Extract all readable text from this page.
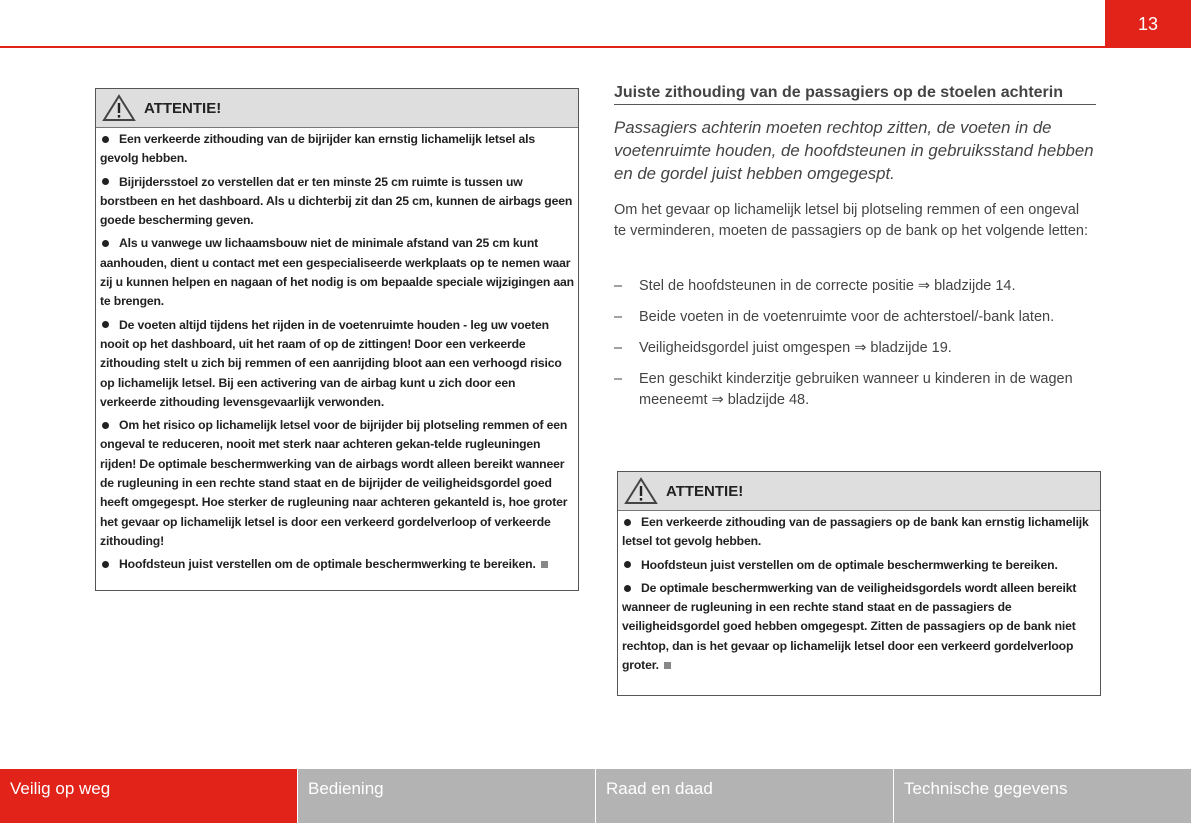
13
ATTENTIE!

Een verkeerde zithouding van de bijrijder kan ernstig lichamelijk letsel als gevolg hebben.

Bijrijdersstoel zo verstellen dat er ten minste 25 cm ruimte is tussen uw borstbeen en het dashboard. Als u dichterbij zit dan 25 cm, kunnen de airbags geen goede bescherming geven.

Als u vanwege uw lichaamsbouw niet de minimale afstand van 25 cm kunt aanhouden, dient u contact met een gespecialiseerde werkplaats op te nemen waar zij u kunnen helpen en nagaan of het nodig is om bepaalde speciale wijzigingen aan te brengen.

De voeten altijd tijdens het rijden in de voetenruimte houden - leg uw voeten nooit op het dashboard, uit het raam of op de zittingen! Door een verkeerde zithouding stelt u zich bij remmen of een aanrijding bloot aan een verhoogd risico op lichamelijk letsel. Bij een activering van de airbag kunt u zich door een verkeerde zithouding levensgevaarlijk verwonden.

Om het risico op lichamelijk letsel voor de bijrijder bij plotseling remmen of een ongeval te reduceren, nooit met sterk naar achteren gekan-telde rugleuningen rijden! De optimale beschermwerking van de airbags wordt alleen bereikt wanneer de rugleuning in een rechte stand staat en de bijrijder de veiligheidsgordel goed heeft omgegespt. Hoe sterker de rugleuning naar achteren gekanteld is, hoe groter het gevaar op lichamelijk letsel is door een verkeerd gordelverloop of verkeerde zithouding!

Hoofdsteun juist verstellen om de optimale beschermwerking te bereiken.

Juiste zithouding van de passagiers op de stoelen achterin
Passagiers achterin moeten rechtop zitten, de voeten in de voetenruimte houden, de hoofdsteunen in gebruiksstand hebben en de gordel juist hebben omgegespt.
Om het gevaar op lichamelijk letsel bij plotseling remmen of een ongeval te verminderen, moeten de passagiers op de bank op het volgende letten:
–	Stel de hoofdsteunen in de correcte positie ⇒ bladzijde 14.
–	Beide voeten in de voetenruimte voor de achterstoel/-bank laten.
–	Veiligheidsgordel juist omgespen ⇒ bladzijde 19.
–	Een geschikt kinderzitje gebruiken wanneer u kinderen in de wagen meeneemt ⇒ bladzijde 48.
ATTENTIE!

Een verkeerde zithouding van de passagiers op de bank kan ernstig lichamelijk letsel tot gevolg hebben.

Hoofdsteun juist verstellen om de optimale beschermwerking te bereiken.

De optimale beschermwerking van de veiligheidsgordels wordt alleen bereikt wanneer de rugleuning in een rechte stand staat en de passagiers de veiligheidsgordel goed hebben omgegespt. Zitten de passagiers op de bank niet rechtop, dan is het gevaar op lichamelijk letsel door een verkeerd gordelverloop groter.

Veilig op weg	Bediening	Raad en daad	Technische gegevens
